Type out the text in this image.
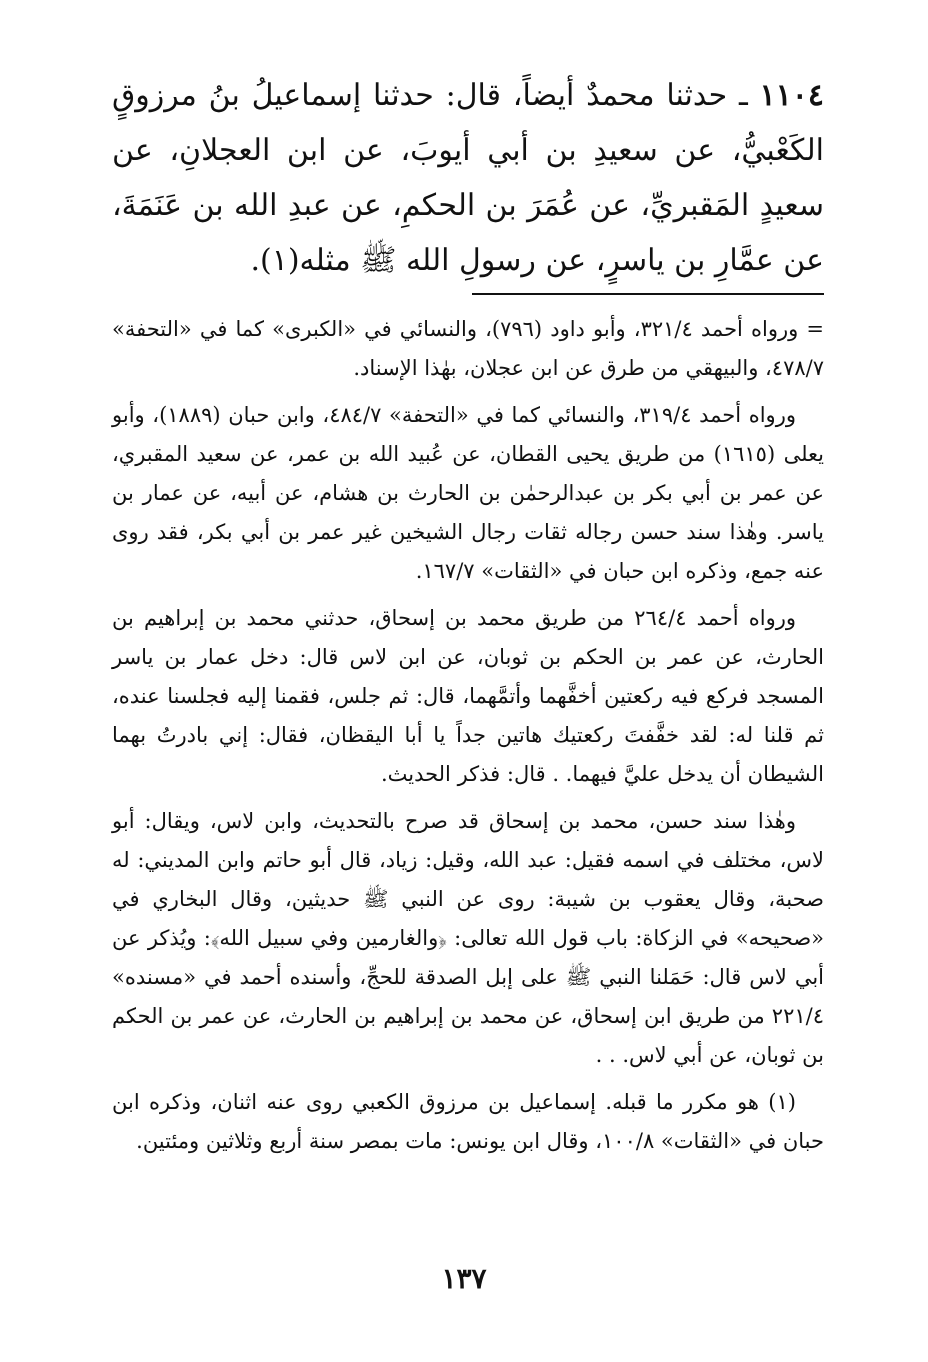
١١٠٤ ـ حدثنا محمدٌ أيضاً، قال: حدثنا إسماعيلُ بنُ مرزوقٍ الكَعْبيُّ، عن سعيدِ بن أبي أيوبَ، عن ابن العجلانِ، عن سعيدٍ المَقبريِّ، عن عُمَرَ بن الحكمِ، عن عبدِ الله بن عَنَمَةَ، عن عمَّارِ بن ياسرٍ، عن رسولِ الله ﷺ مثله(١).

= ورواه أحمد ٣٢١/٤، وأبو داود (٧٩٦)، والنسائي في «الكبرى» كما في «التحفة» ٤٧٨/٧، والبيهقي من طرق عن ابن عجلان، بهٰذا الإسناد.

ورواه أحمد ٣١٩/٤، والنسائي كما في «التحفة» ٤٨٤/٧، وابن حبان (١٨٨٩)، وأبو يعلى (١٦١٥) من طريق يحيى القطان، عن عُبيد الله بن عمر، عن سعيد المقبري، عن عمر بن أبي بكر بن عبدالرحمٰن بن الحارث بن هشام، عن أبيه، عن عمار بن ياسر. وهٰذا سند حسن رجاله ثقات رجال الشيخين غير عمر بن أبي بكر، فقد روى عنه جمع، وذكره ابن حبان في «الثقات» ١٦٧/٧.

ورواه أحمد ٢٦٤/٤ من طريق محمد بن إسحاق، حدثني محمد بن إبراهيم بن الحارث، عن عمر بن الحكم بن ثوبان، عن ابن لاس قال: دخل عمار بن ياسر المسجد فركع فيه ركعتين أخفَّهما وأتمَّهما، قال: ثم جلس، فقمنا إليه فجلسنا عنده، ثم قلنا له: لقد خفَّفتَ ركعتيك هاتين جداً يا أبا اليقظان، فقال: إني بادرتُ بهما الشيطان أن يدخل عليَّ فيهما. . قال: فذكر الحديث.

وهٰذا سند حسن، محمد بن إسحاق قد صرح بالتحديث، وابن لاس، ويقال: أبو لاس، مختلف في اسمه فقيل: عبد الله، وقيل: زياد، قال أبو حاتم وابن المديني: له صحبة، وقال يعقوب بن شيبة: روى عن النبي ﷺ حديثين، وقال البخاري في «صحيحه» في الزكاة: باب قول الله تعالى: ﴿والغارمين وفي سبيل الله﴾: ويُذكر عن أبي لاس قال: حَمَلنا النبي ﷺ على إبل الصدقة للحجِّ، وأسنده أحمد في «مسنده» ٢٢١/٤ من طريق ابن إسحاق، عن محمد بن إبراهيم بن الحارث، عن عمر بن الحكم بن ثوبان، عن أبي لاس. . .

(١) هو مكرر ما قبله. إسماعيل بن مرزوق الكعبي روى عنه اثنان، وذكره ابن حبان في «الثقات» ١٠٠/٨، وقال ابن يونس: مات بمصر سنة أربع وثلاثين ومئتين.

١٣٧
